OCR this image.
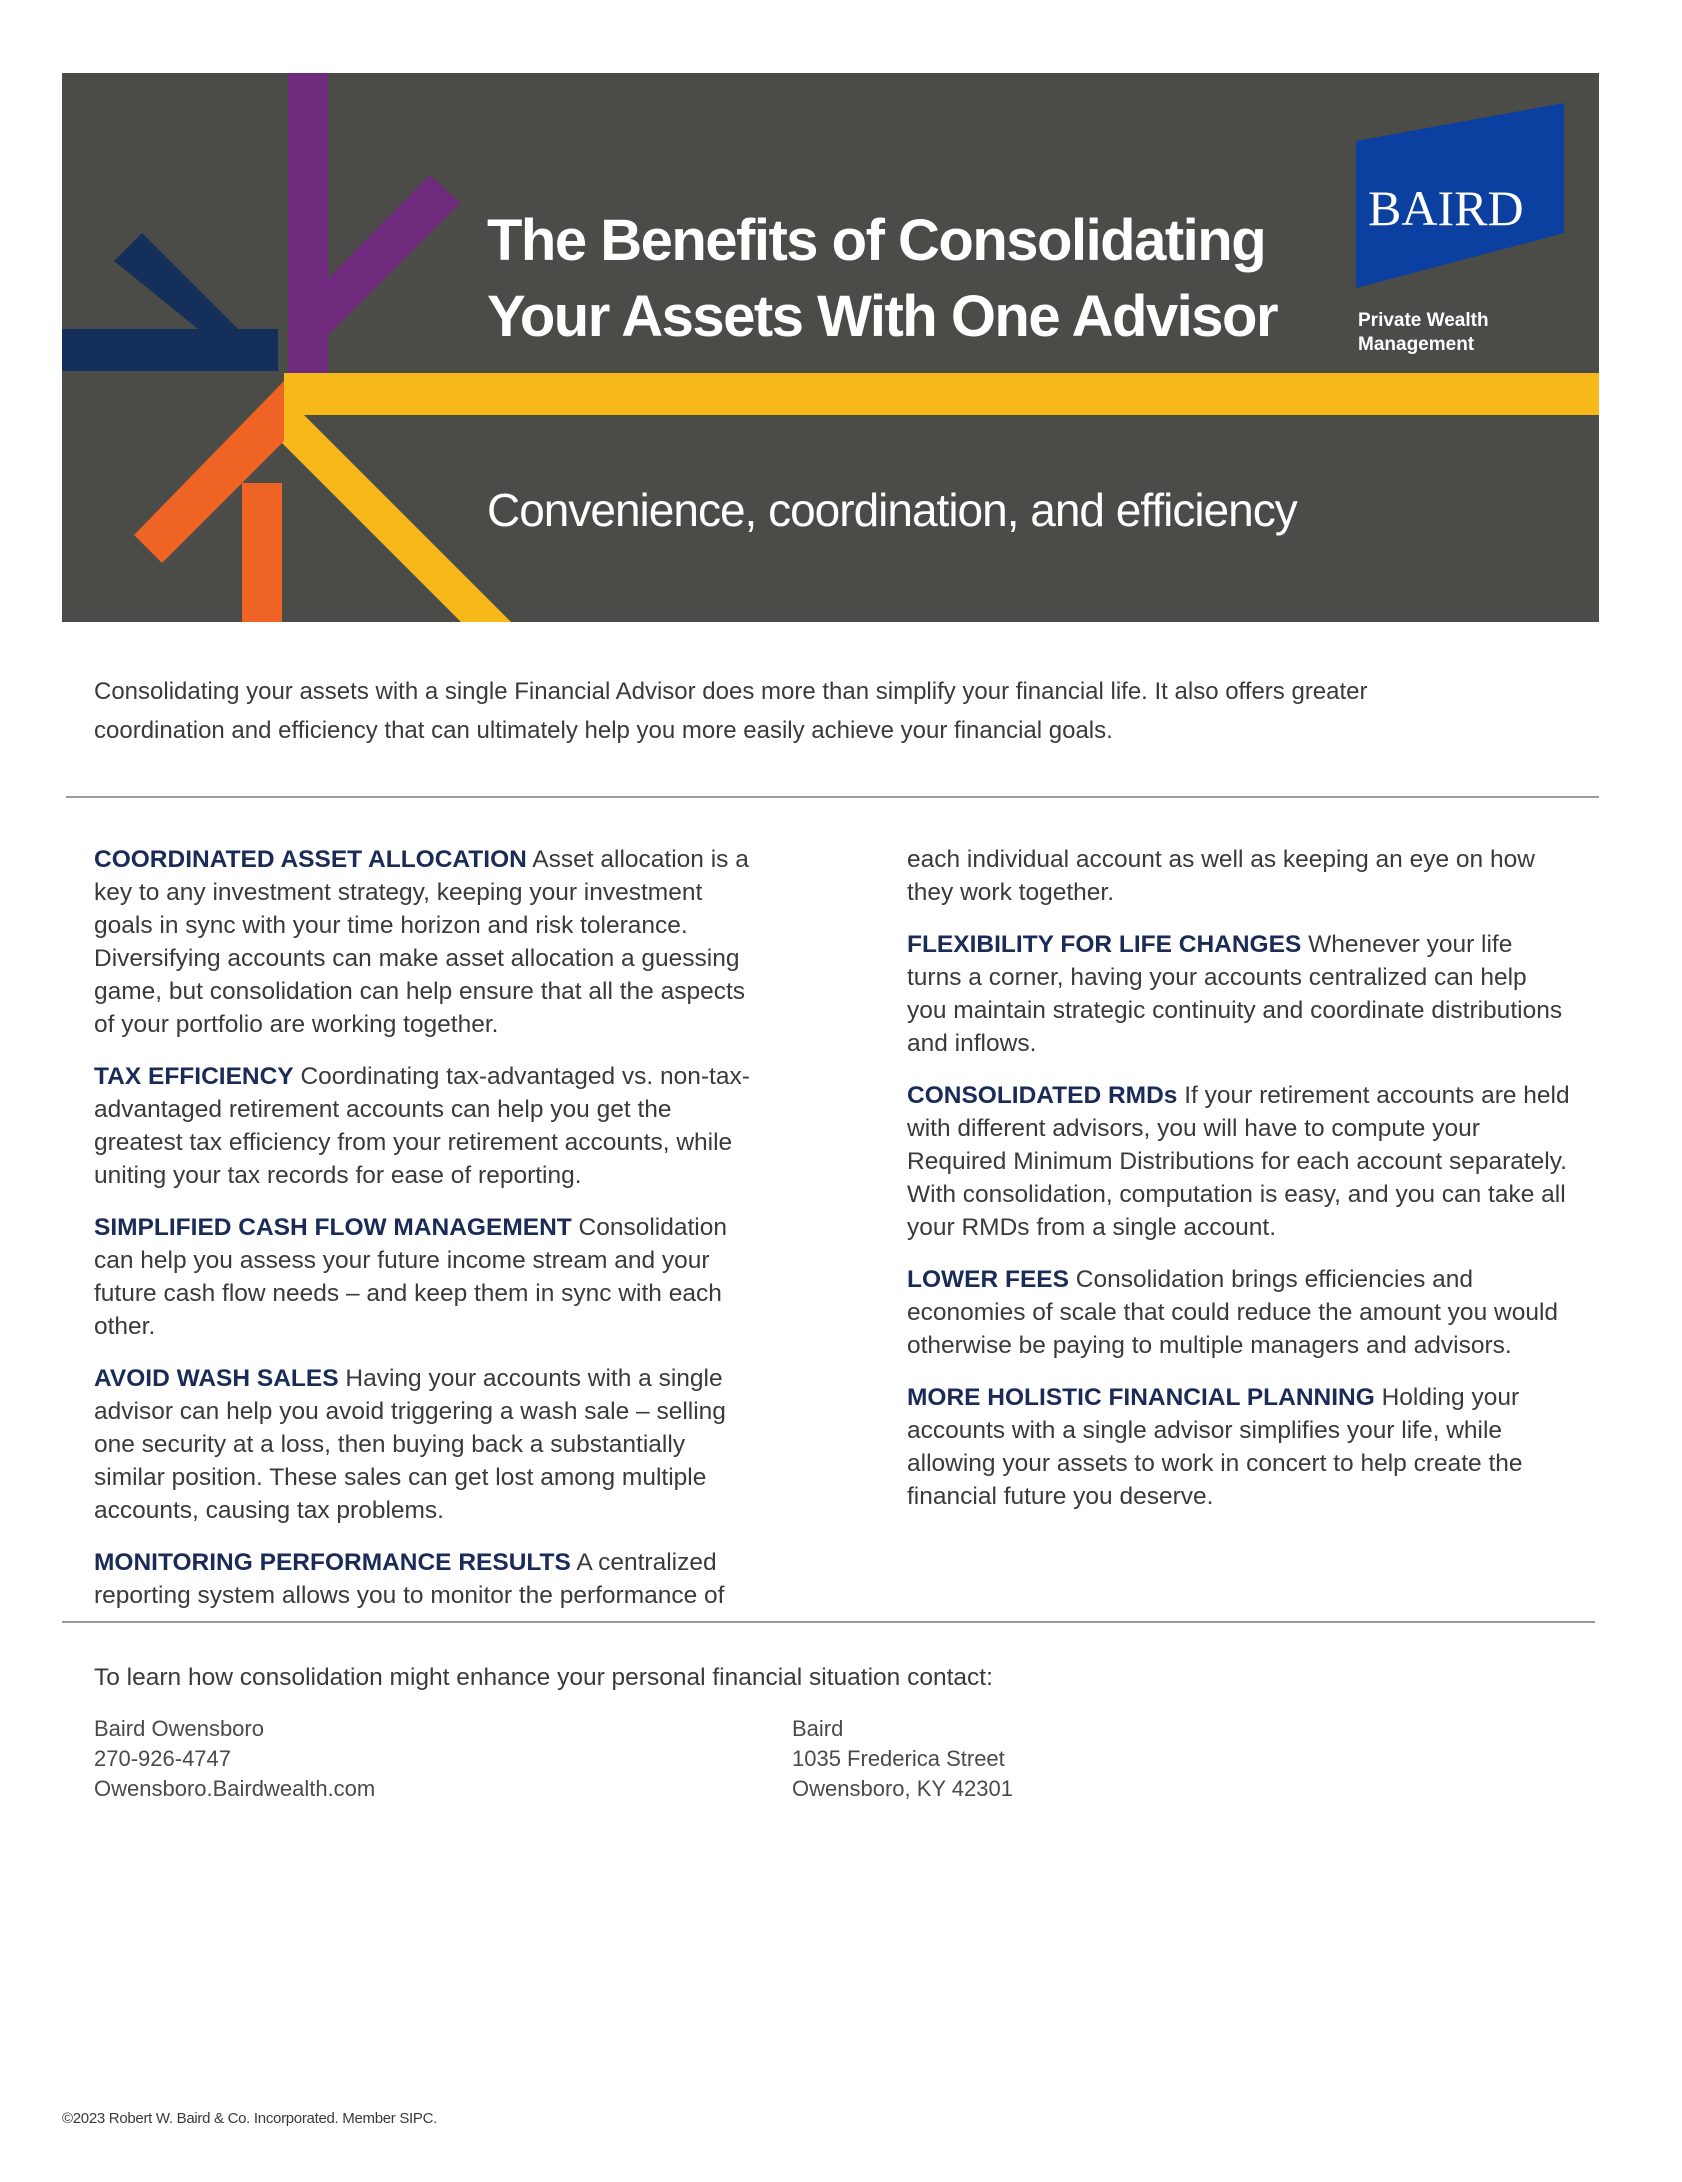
The Benefits of Consolidating
Your Assets With One Advisor
Convenience, coordination, and efficiency
BAIRD
Private Wealth
Management

Consolidating your assets with a single Financial Advisor does more than simplify your financial life. It also offers greater coordination and efficiency that can ultimately help you more easily achieve your financial goals.

COORDINATED ASSET ALLOCATION Asset allocation is a key to any investment strategy, keeping your investment goals in sync with your time horizon and risk tolerance. Diversifying accounts can make asset allocation a guessing game, but consolidation can help ensure that all the aspects of your portfolio are working together.

TAX EFFICIENCY Coordinating tax-advantaged vs. non-tax-advantaged retirement accounts can help you get the greatest tax efficiency from your retirement accounts, while uniting your tax records for ease of reporting.

SIMPLIFIED CASH FLOW MANAGEMENT Consolidation can help you assess your future income stream and your future cash flow needs – and keep them in sync with each other.

AVOID WASH SALES Having your accounts with a single advisor can help you avoid triggering a wash sale – selling one security at a loss, then buying back a substantially similar position. These sales can get lost among multiple accounts, causing tax problems.

MONITORING PERFORMANCE RESULTS A centralized reporting system allows you to monitor the performance of

each individual account as well as keeping an eye on how they work together.

FLEXIBILITY FOR LIFE CHANGES Whenever your life turns a corner, having your accounts centralized can help you maintain strategic continuity and coordinate distributions and inflows.

CONSOLIDATED RMDs If your retirement accounts are held with different advisors, you will have to compute your Required Minimum Distributions for each account separately. With consolidation, computation is easy, and you can take all your RMDs from a single account.

LOWER FEES Consolidation brings efficiencies and economies of scale that could reduce the amount you would otherwise be paying to multiple managers and advisors.

MORE HOLISTIC FINANCIAL PLANNING Holding your accounts with a single advisor simplifies your life, while allowing your assets to work in concert to help create the financial future you deserve.

To learn how consolidation might enhance your personal financial situation contact:
Baird Owensboro
270-926-4747
Owensboro.Bairdwealth.com
Baird
1035 Frederica Street
Owensboro, KY 42301
©2023 Robert W. Baird & Co. Incorporated. Member SIPC.
